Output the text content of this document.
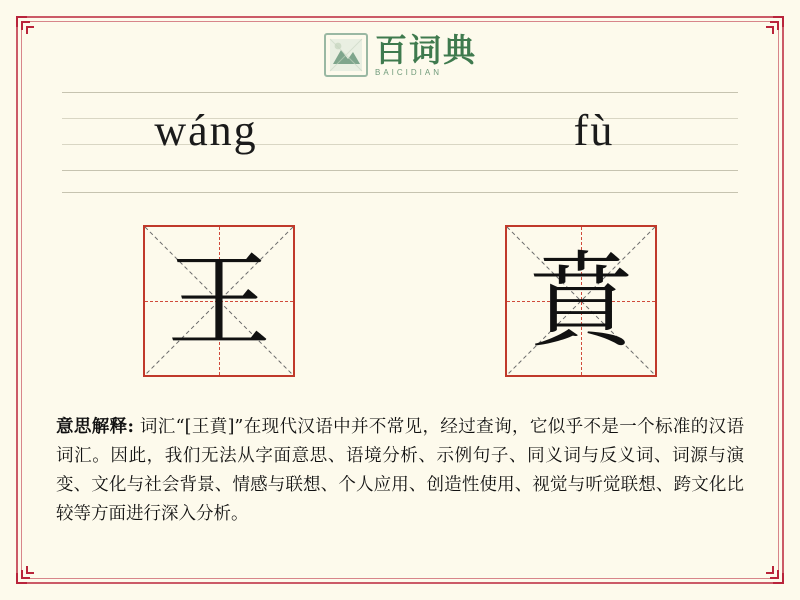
百词典
BAICIDIAN
wáng	fù
王 賁
意思解释: 词汇“[王賁]”在现代汉语中并不常见，经过查询，它似乎不是一个标准的汉语词汇。因此，我们无法从字面意思、语境分析、示例句子、同义词与反义词、词源与演变、文化与社会背景、情感与联想、个人应用、创造性使用、视觉与听觉联想、跨文化比较等方面进行深入分析。
